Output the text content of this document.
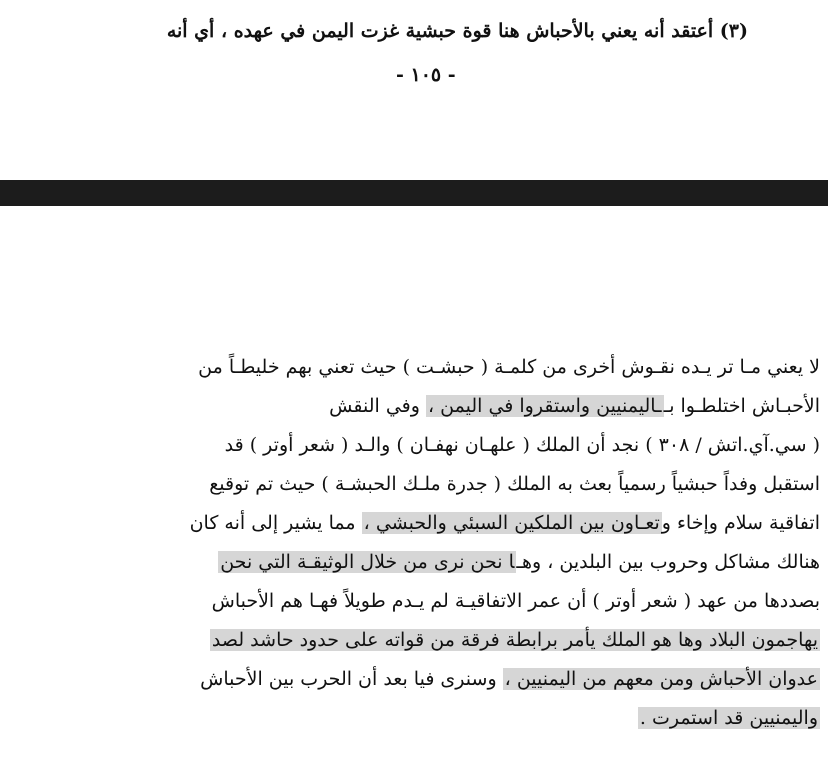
(٣) أعتقد أنه يعني بالأحباش هنا قوة حبشية غزت اليمن في عهده ، أي أنه
- ١٠٥ -
لا يعني مـا تر يـده نقـوش أخرى من كلمـة ( حبشـت ) حيث تعني بهم خليطـاً من
الأحبـاش اختلطـوا بــاليمنيين واستقروا في اليمن ، وفي النقش
( سي.آي.اتش / ٣٠٨ ) نجد أن الملك ( علهـان نهفـان ) والـد ( شعر أوتر ) قد
استقبل وفداً حبشياً رسمياً بعث به الملك ( جدرة ملـك الحبشـة ) حيث تم توقيع
اتفاقية سلام وإخاء وتعـاون بين الملكين السبئي والحبشي ، مما يشير إلى أنه كان
هنالك مشاكل وحروب بين البلدين ، وهـا نحن نرى من خلال الوثيقـة التي نحن
بصددها من عهد ( شعر أوتر ) أن عمر الاتفاقيـة لم يـدم طويلاً فهـا هم الأحباش
يهاجمون البلاد وها هو الملك يأمر برابطة فرقة من قواته على حدود حاشد لصد
عدوان الأحباش ومن معهم من اليمنيين ، وسنرى فيا بعد أن الحرب بين الأحباش
واليمنيين قد استمرت .
